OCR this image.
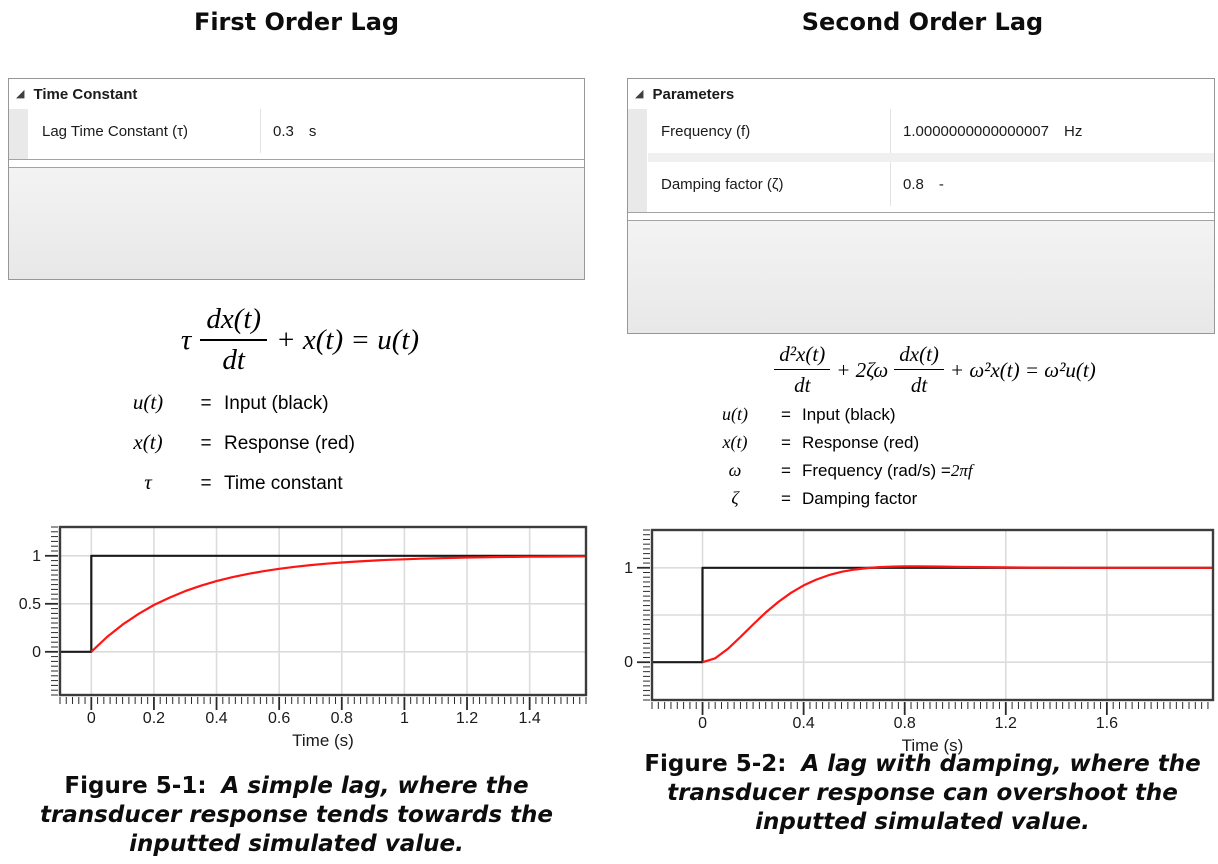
First Order Lag
◢ Time Constant
Lag Time Constant (τ)	0.3 s
τ $\frac{dx(t)}{dt} + x(t) = u(t)$
u(t)	= Input (black)
x(t)	= Response (red)
τ	= Time constant
0	0.2	0.4	0.6	0.8	1	1.2	1.4
0
0.5
1
Time (s)
Figure 5-1: A simple lag, where the transducer response tends towards the inputted simulated value.
Second Order Lag
◢ Parameters
Frequency (f)	1.0000000000000007 Hz
Damping factor (ζ)	0.8 -
$\frac{\text{d²x(t)}}{dt} + 2\zeta\omega \frac{dx(t)}{dt} + \omega^2x(t) = \omega^2u(t)$
u(t)	= Input (black)
x(t)	= Response (red)
ω	= Frequency (rad/s) = 2πf
ζ	= Damping factor
0	0.4	0.8	1.2	1.6
0
1
Time (s)
Figure 5-2: A lag with damping, where the transducer response can overshoot the inputted simulated value.
